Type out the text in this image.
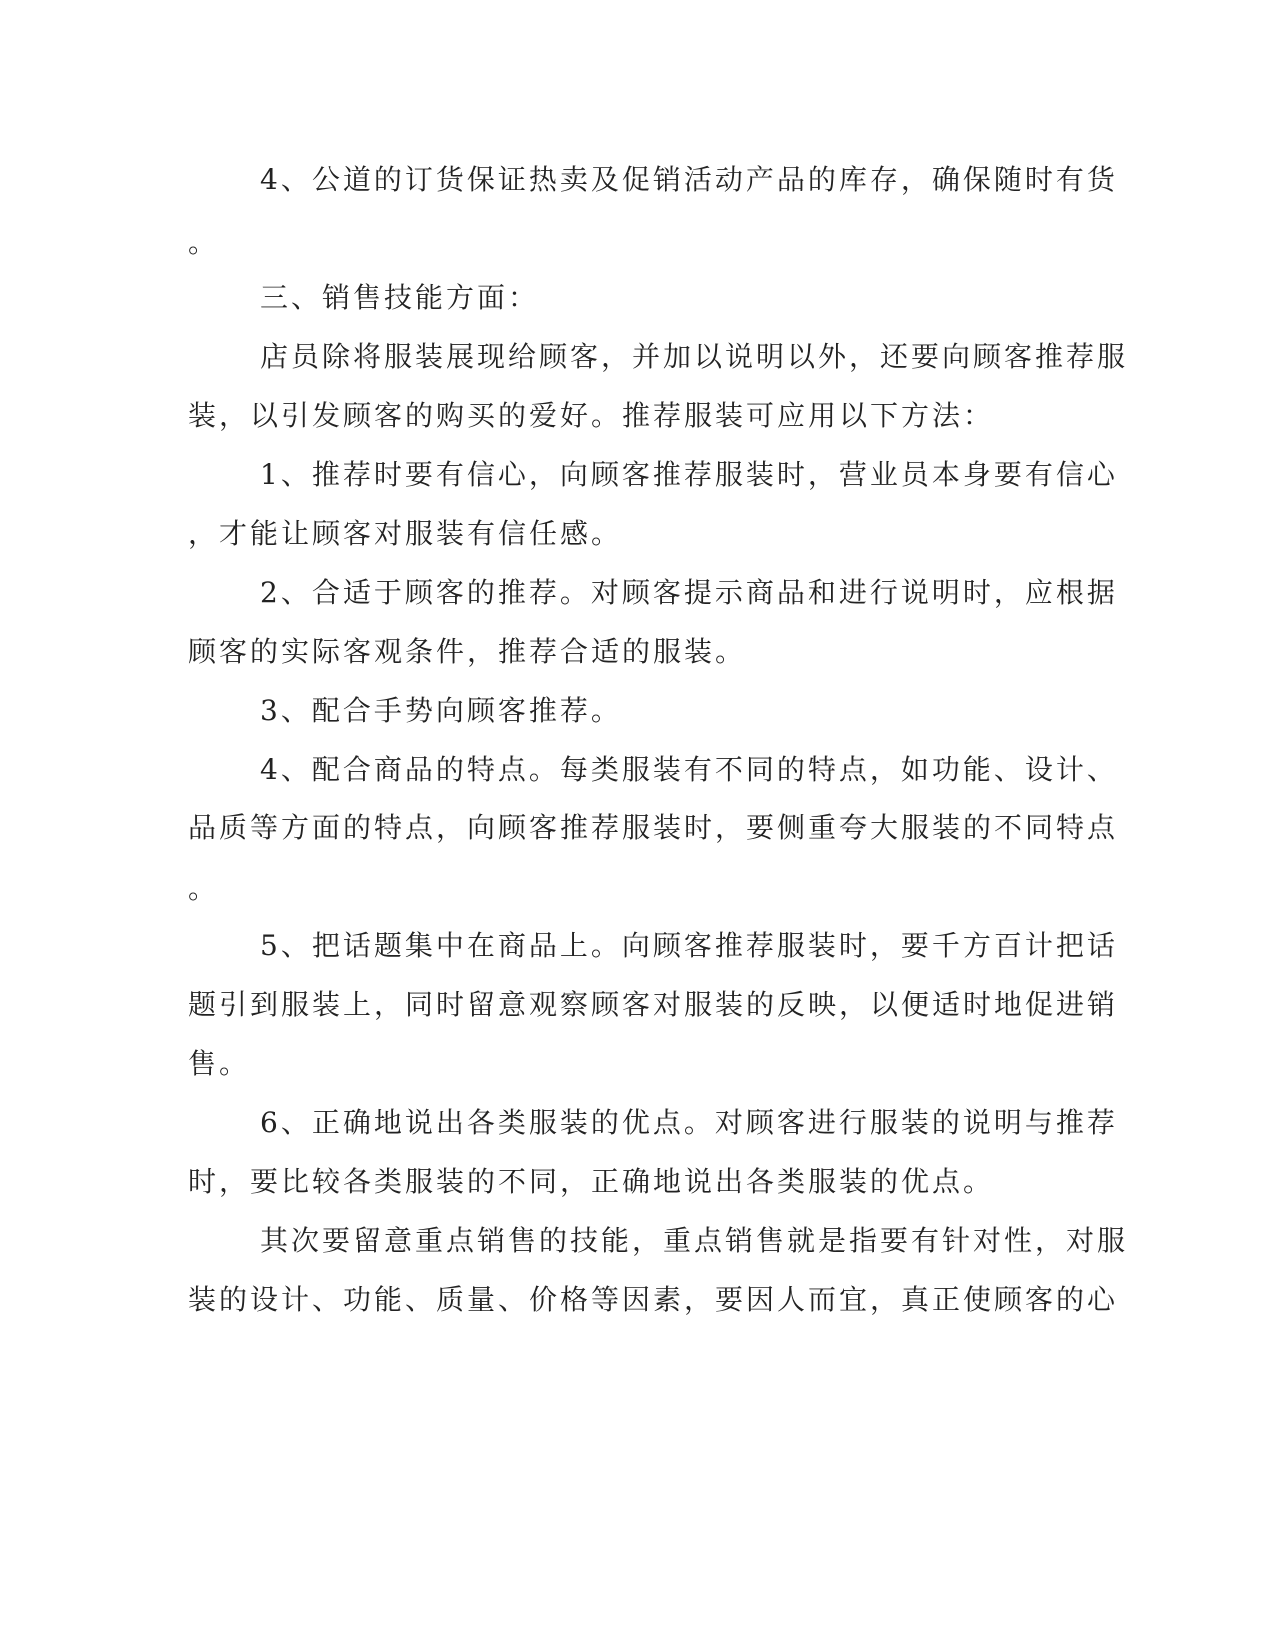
4、公道的订货保证热卖及促销活动产品的库存，确保随时有货
。
三、销售技能方面：
店员除将服装展现给顾客，并加以说明以外，还要向顾客推荐服
装，以引发顾客的购买的爱好。推荐服装可应用以下方法：
1、推荐时要有信心，向顾客推荐服装时，营业员本身要有信心
，才能让顾客对服装有信任感。
2、合适于顾客的推荐。对顾客提示商品和进行说明时，应根据
顾客的实际客观条件，推荐合适的服装。
3、配合手势向顾客推荐。
4、配合商品的特点。每类服装有不同的特点，如功能、设计、
品质等方面的特点，向顾客推荐服装时，要侧重夸大服装的不同特点
。
5、把话题集中在商品上。向顾客推荐服装时，要千方百计把话
题引到服装上，同时留意观察顾客对服装的反映，以便适时地促进销
售。
6、正确地说出各类服装的优点。对顾客进行服装的说明与推荐
时，要比较各类服装的不同，正确地说出各类服装的优点。
其次要留意重点销售的技能，重点销售就是指要有针对性，对服
装的设计、功能、质量、价格等因素，要因人而宜，真正使顾客的心
